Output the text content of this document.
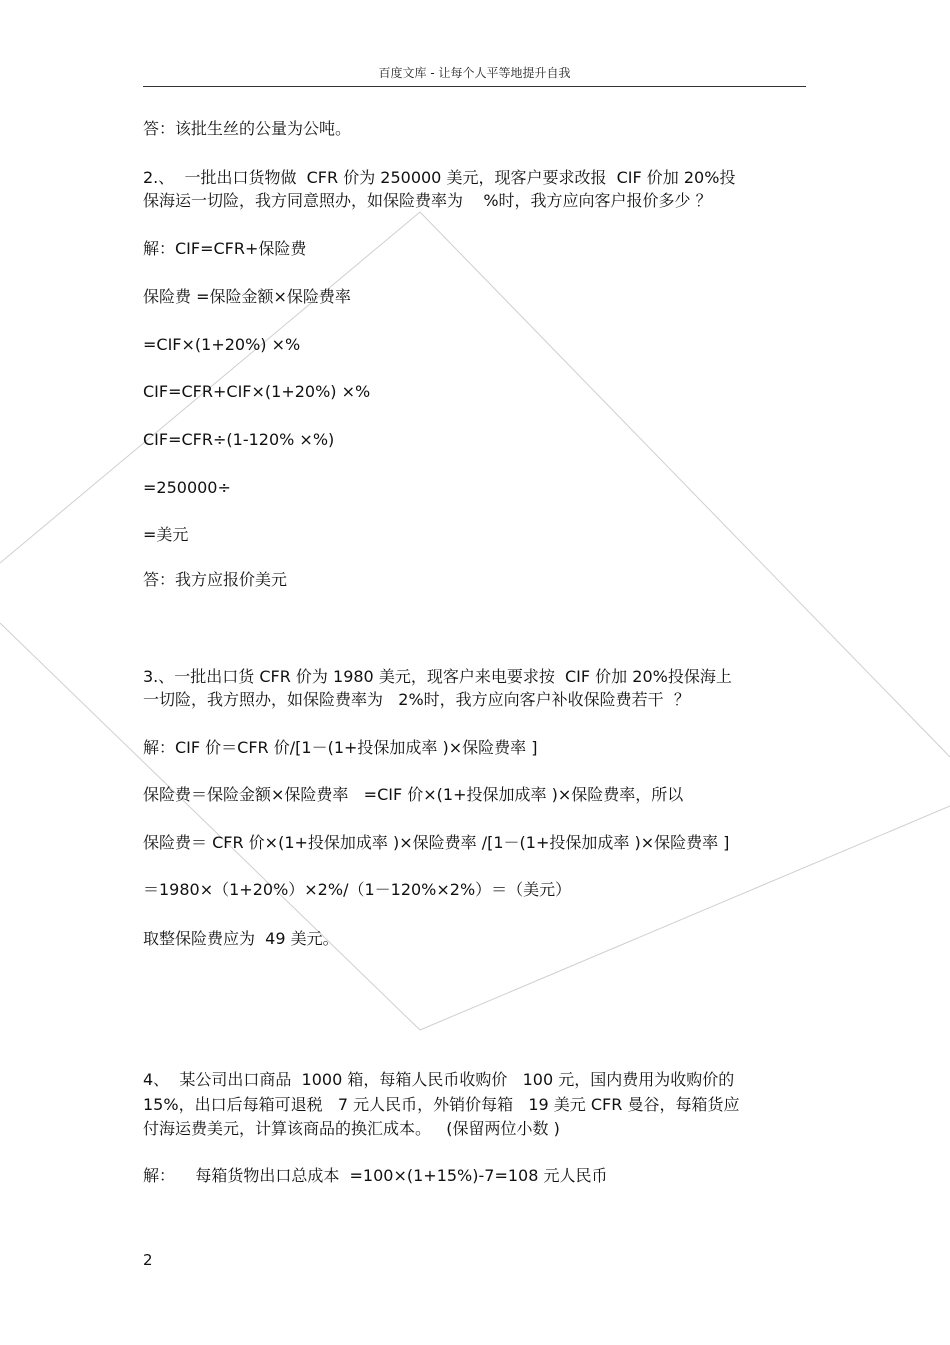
百度文库 - 让每个人平等地提升自我
答：该批生丝的公量为公吨。
2.、  一批出口货物做  CFR 价为 250000 美元，现客户要求改报  CIF 价加 20%投
保海运一切险，我方同意照办，如保险费率为    %时，我方应向客户报价多少 ？
解：CIF=CFR+保险费
保险费 =保险金额×保险费率
=CIF×(1+20%) ×%
CIF=CFR+CIF×(1+20%) ×%
CIF=CFR÷(1-120% ×%)
=250000÷
=美元
答：我方应报价美元
3.、一批出口货 CFR 价为 1980 美元，现客户来电要求按  CIF 价加 20%投保海上
一切险，我方照办，如保险费率为   2%时，我方应向客户补收保险费若干  ？
解：CIF 价＝CFR 价/[1－(1+投保加成率 )×保险费率 ]
保险费＝保险金额×保险费率   =CIF 价×(1+投保加成率 )×保险费率，所以
保险费＝ CFR 价×(1+投保加成率 )×保险费率 /[1－(1+投保加成率 )×保险费率 ]
＝1980×（1+20%）×2%/（1－120%×2%）＝（美元）
取整保险费应为  49 美元。
4、  某公司出口商品  1000 箱，每箱人民币收购价   100 元，国内费用为收购价的
15%，出口后每箱可退税   7 元人民币，外销价每箱   19 美元 CFR 曼谷，每箱货应
付海运费美元，计算该商品的换汇成本。   (保留两位小数 )
解：    每箱货物出口总成本  =100×(1+15%)-7=108 元人民币
2
